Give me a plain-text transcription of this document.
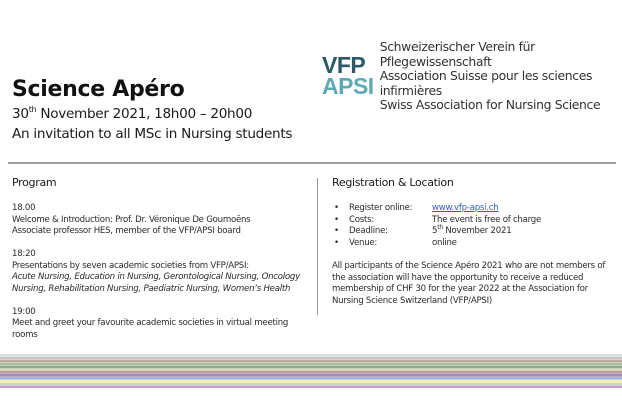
VFP
APSI
Schweizerischer Verein für Pflegewissenschaft
Association Suisse pour les sciences infirmières
Swiss Association for Nursing Science
Science Apéro
30th November 2021, 18h00 – 20h00
An invitation to all MSc in Nursing students
Program	Registration & Location
18.00
Welcome & Introduction: Prof. Dr. Véronique De Goumoëns
Associate professor HES, member of the VFP/APSI board
18:20
Presentations by seven academic societies from VFP/APSI:
Acute Nursing, Education in Nursing, Gerontological Nursing, Oncology
Nursing, Rehabilitation Nursing, Paediatric Nursing, Women’s Health
19:00
Meet and greet your favourite academic societies in virtual meeting rooms
•	Register online:	www.vfp-apsi.ch
•	Costs:	The event is free of charge
•	Deadline:	5th November 2021
•	Venue:	online
All participants of the Science Apéro 2021 who are not members of
the association will have the opportunity to receive a reduced
membership of CHF 30 for the year 2022 at the Association for
Nursing Science Switzerland (VFP/APSI)
